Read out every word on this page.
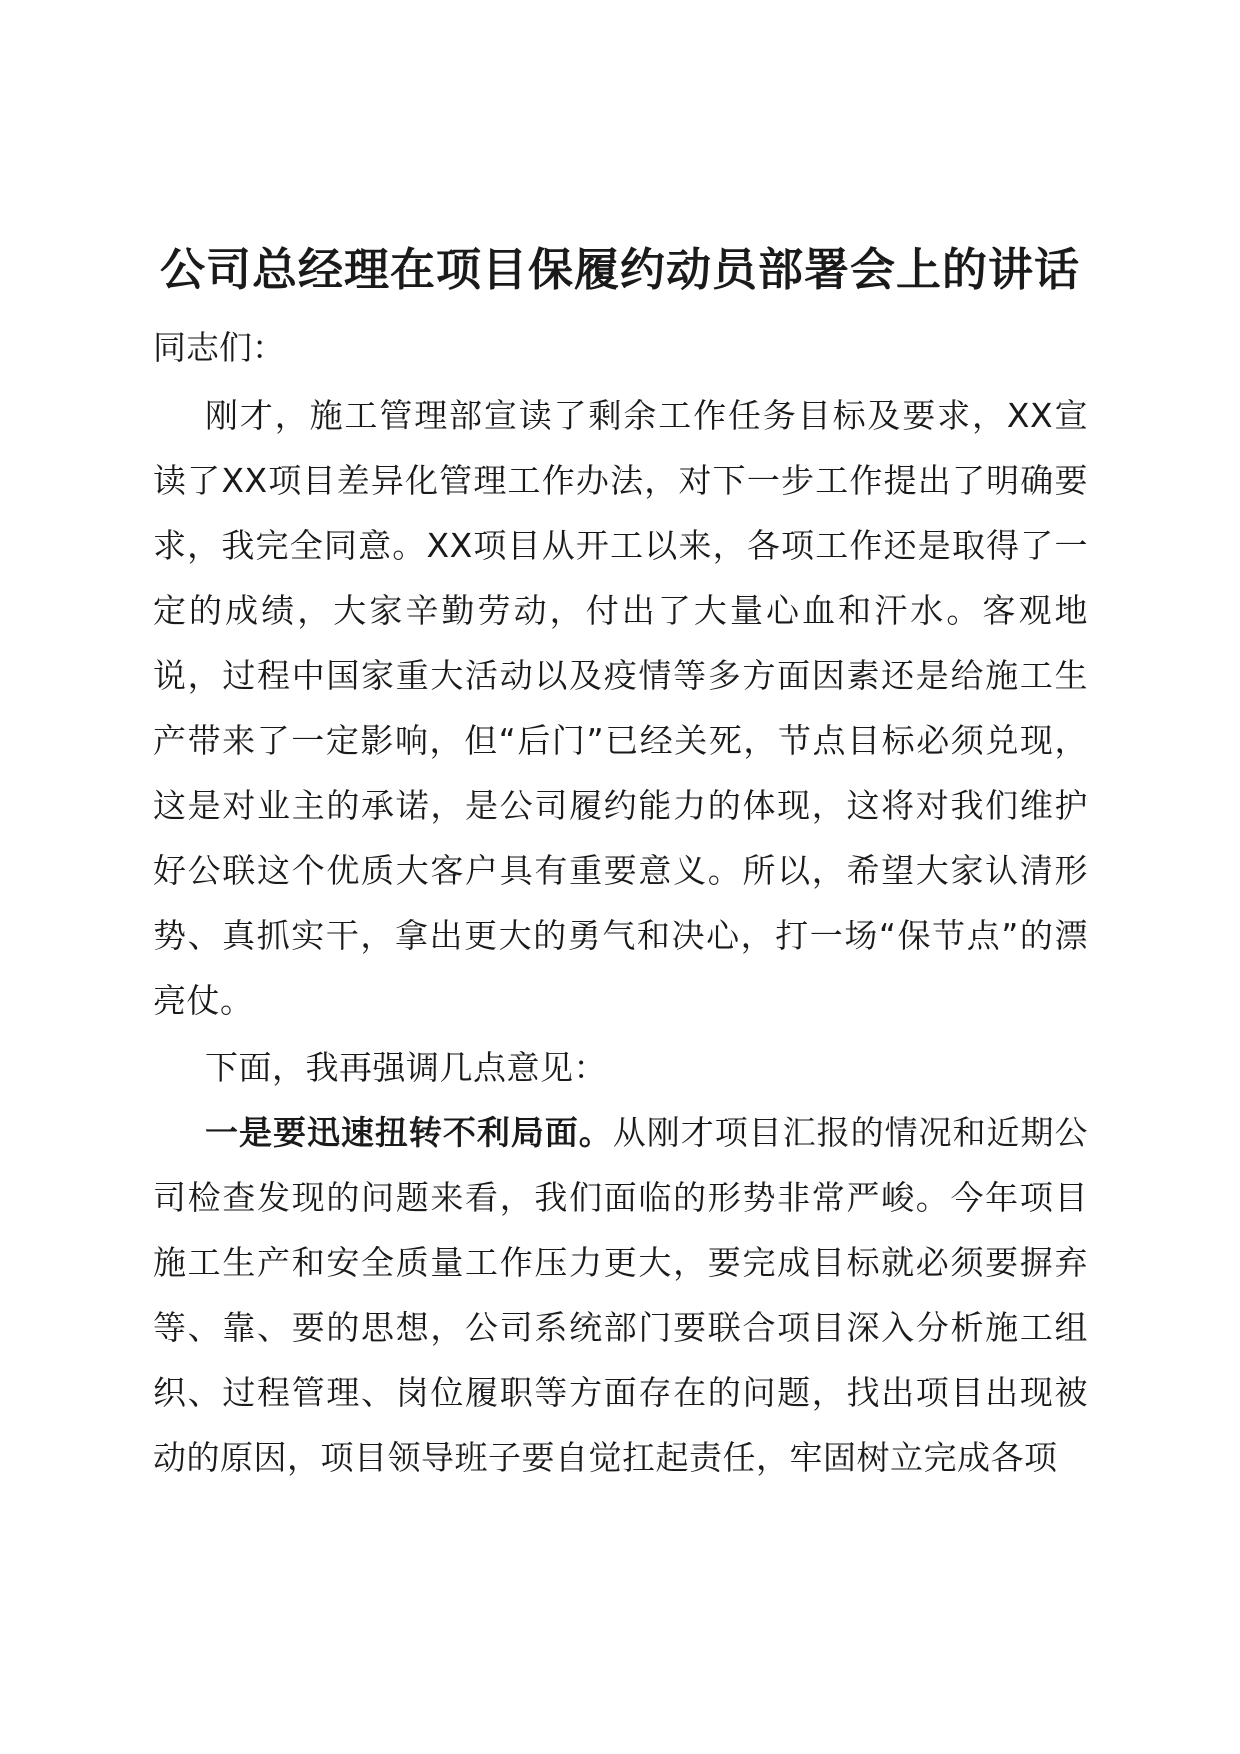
公司总经理在项目保履约动员部署会上的讲话

同志们：

刚才，施工管理部宣读了剩余工作任务目标及要求，XX宣读了XX项目差异化管理工作办法，对下一步工作提出了明确要求，我完全同意。XX项目从开工以来，各项工作还是取得了一定的成绩，大家辛勤劳动，付出了大量心血和汗水。客观地说，过程中国家重大活动以及疫情等多方面因素还是给施工生产带来了一定影响，但“后门”已经关死，节点目标必须兑现，这是对业主的承诺，是公司履约能力的体现，这将对我们维护好公联这个优质大客户具有重要意义。所以，希望大家认清形势、真抓实干，拿出更大的勇气和决心，打一场“保节点”的漂亮仗。

下面，我再强调几点意见：

一是要迅速扭转不利局面。从刚才项目汇报的情况和近期公司检查发现的问题来看，我们面临的形势非常严峻。今年项目施工生产和安全质量工作压力更大，要完成目标就必须要摒弃等、靠、要的思想，公司系统部门要联合项目深入分析施工组织、过程管理、岗位履职等方面存在的问题，找出项目出现被动的原因，项目领导班子要自觉扛起责任，牢固树立完成各项
